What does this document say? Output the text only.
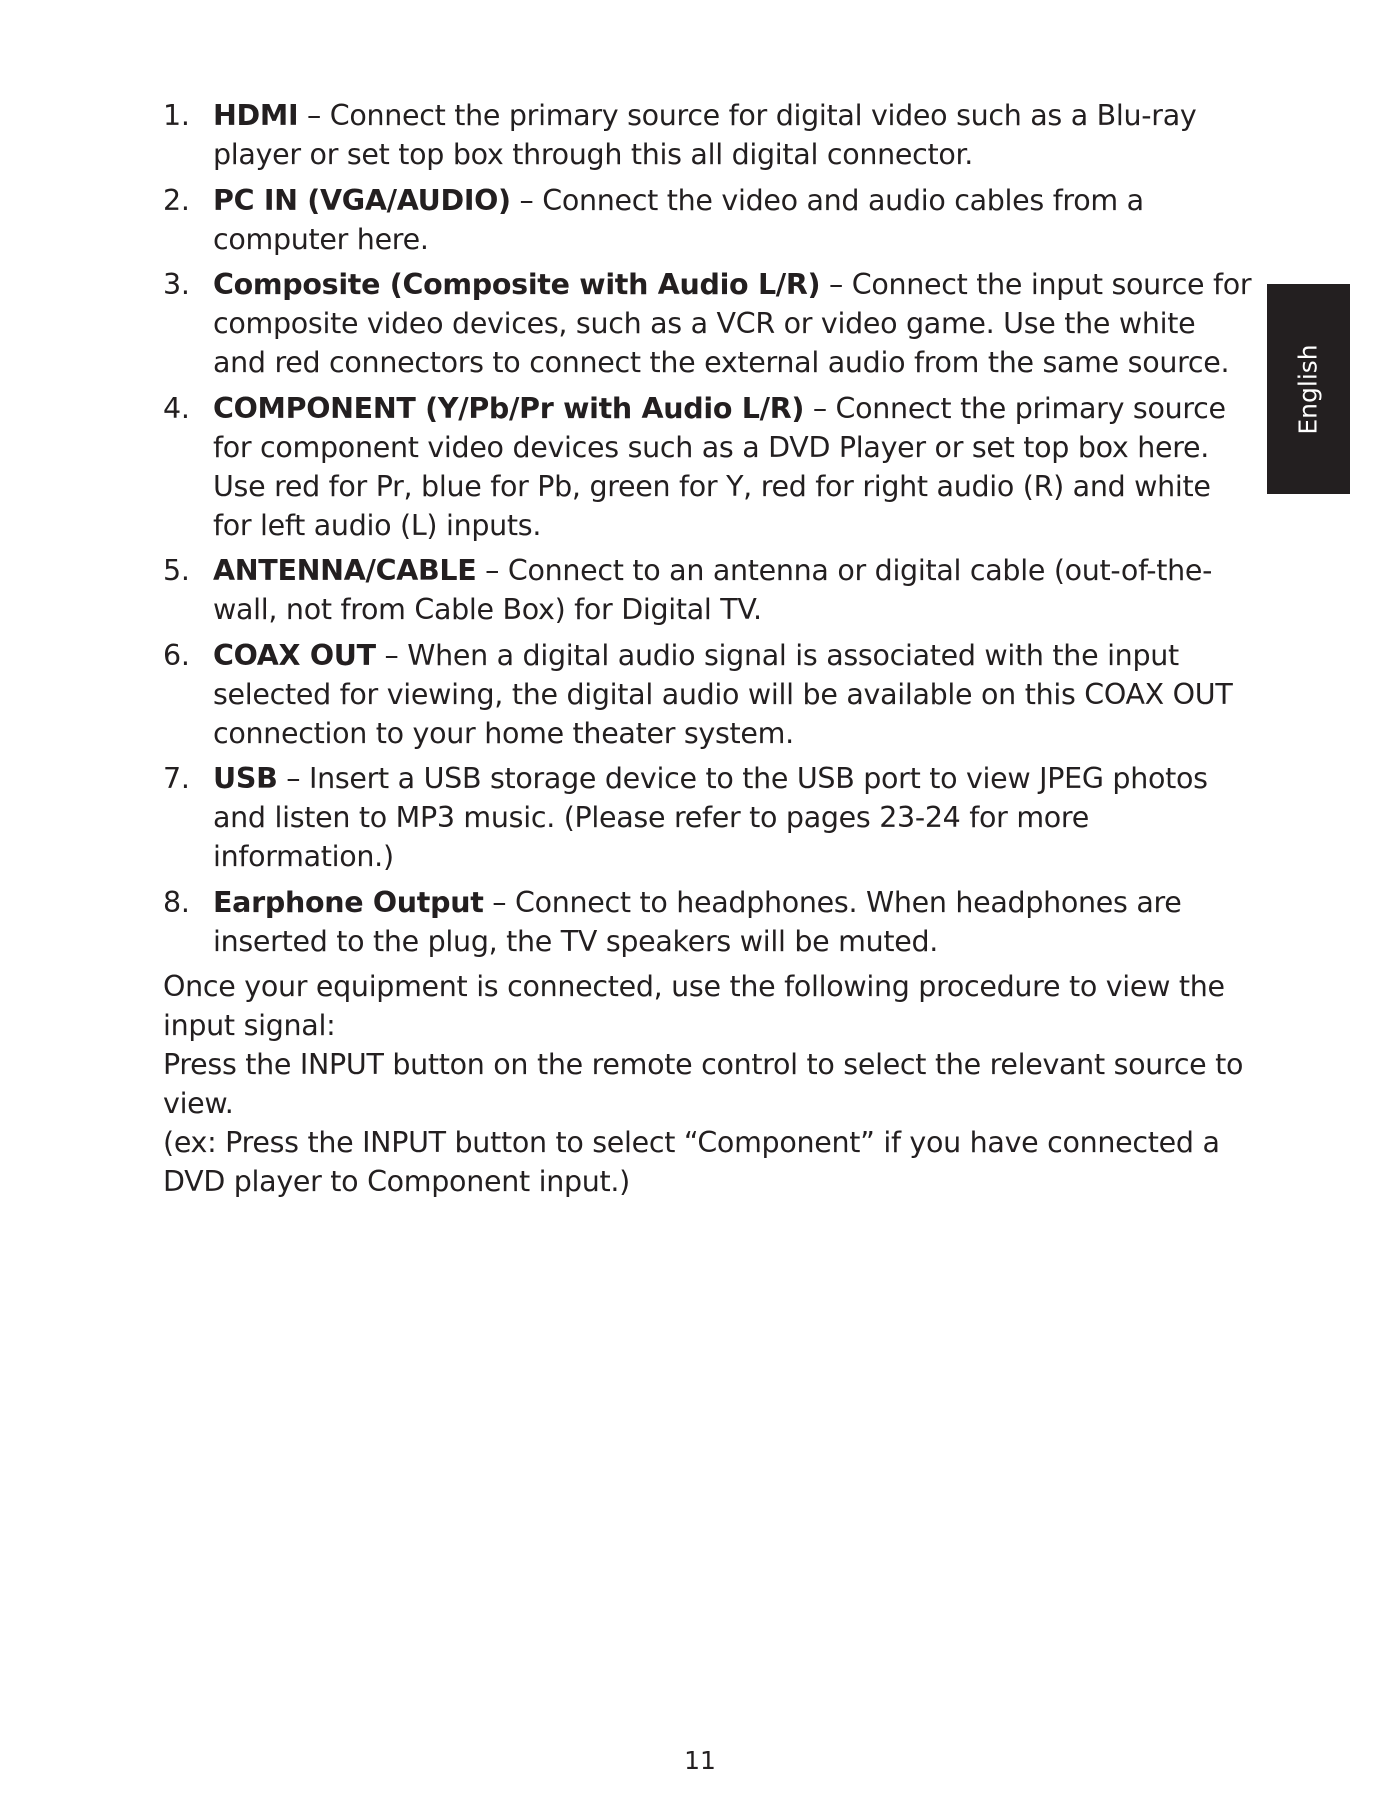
1. HDMI – Connect the primary source for digital video such as a Blu-ray player or set top box through this all digital connector.
2. PC IN (VGA/AUDIO) – Connect the video and audio cables from a computer here.
3. Composite (Composite with Audio L/R) – Connect the input source for composite video devices, such as a VCR or video game. Use the white and red connectors to connect the external audio from the same source.
4. COMPONENT (Y/Pb/Pr with Audio L/R) – Connect the primary source for component video devices such as a DVD Player or set top box here. Use red for Pr, blue for Pb, green for Y, red for right audio (R) and white for left audio (L) inputs.
5. ANTENNA/CABLE – Connect to an antenna or digital cable (out-of-the-wall, not from Cable Box) for Digital TV.
6. COAX OUT – When a digital audio signal is associated with the input selected for viewing, the digital audio will be available on this COAX OUT connection to your home theater system.
7. USB – Insert a USB storage device to the USB port to view JPEG photos and listen to MP3 music. (Please refer to pages 23-24 for more information.)
8. Earphone Output – Connect to headphones. When headphones are inserted to the plug, the TV speakers will be muted.

Once your equipment is connected, use the following procedure to view the input signal:

Press the INPUT button on the remote control to select the relevant source to view.

(ex: Press the INPUT button to select “Component” if you have connected a DVD player to Component input.)

English
11
